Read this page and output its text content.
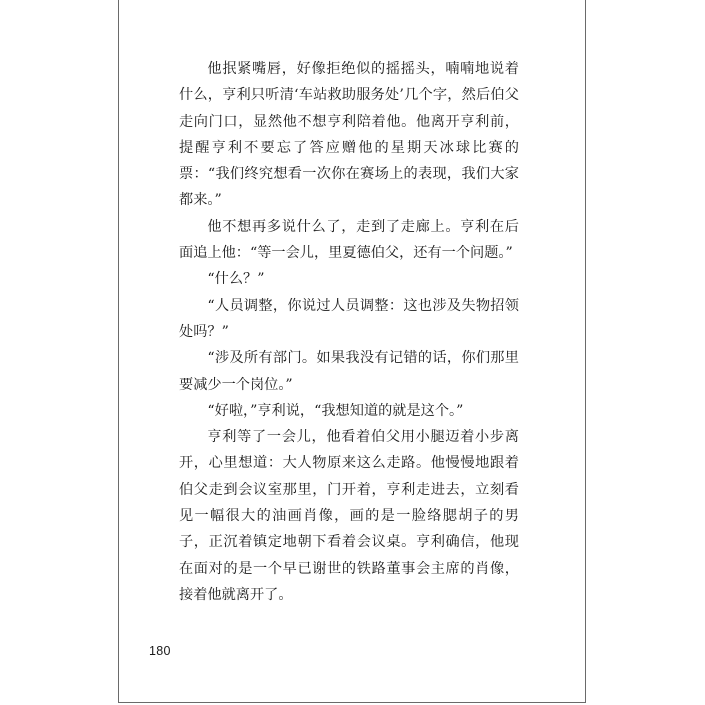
他抿紧嘴唇，好像拒绝似的摇摇头，喃喃地说着什么，亨利只听清‘车站救助服务处’几个字，然后伯父走向门口，显然他不想亨利陪着他。他离开亨利前，提醒亨利不要忘了答应赠他的星期天冰球比赛的票：“我们终究想看一次你在赛场上的表现，我们大家都来。”

他不想再多说什么了，走到了走廊上。亨利在后面追上他：“等一会儿，里夏德伯父，还有一个问题。”

“什么？”

“人员调整，你说过人员调整：这也涉及失物招领处吗？”

“涉及所有部门。如果我没有记错的话，你们那里要减少一个岗位。”

“好啦，”亨利说，“我想知道的就是这个。”

亨利等了一会儿，他看着伯父用小腿迈着小步离开，心里想道：大人物原来这么走路。他慢慢地跟着伯父走到会议室那里，门开着，亨利走进去，立刻看见一幅很大的油画肖像，画的是一脸络腮胡子的男子，正沉着镇定地朝下看着会议桌。亨利确信，他现在面对的是一个早已谢世的铁路董事会主席的肖像，接着他就离开了。

180
